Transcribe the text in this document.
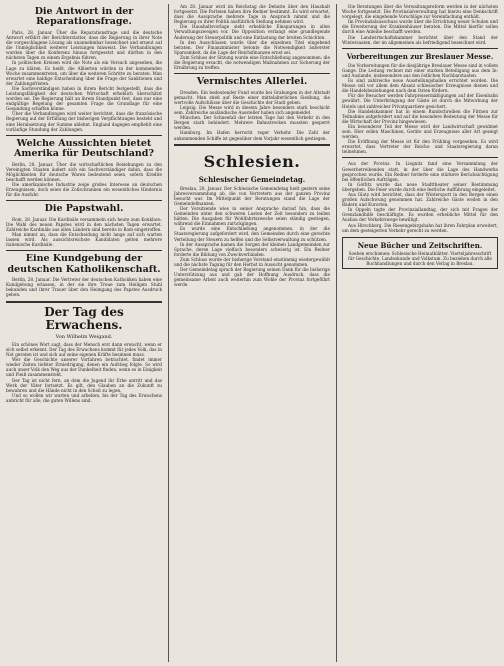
Die Antwort in der Reparationsfrage.

Paris, 28. Januar. Über die Reparationsfrage und die deutsche Antwort erfährt der Berichterstatter, dass die Regierung in ihrer Note die vorgeschlagene Lösung als unannehmbar bezeichnet und erneut auf die Unmöglichkeit weiterer Leistungen hinweist. Die Verhandlungen wurden über die Konferenz hinaus fortgesetzt und dürften in den nächsten Tagen zu einem Ergebnis führen.

In politischen Kreisen wird die Note als ein Versuch angesehen, die Lage zu klären. Es heißt, die Alliierten würden in der kommenden Woche zusammentreten, um über die weiteren Schritte zu beraten. Man erwartet eine baldige Entscheidung über die Frage der Sanktionen und der Zahlungsfristen.

Die Sachverständigen haben in ihrem Bericht festgestellt, dass die Leistungsfähigkeit der deutschen Wirtschaft erheblich überschätzt worden sei. Die Regierung hält an ihrem Standpunkt fest, dass nur eine endgültige Regelung der gesamten Frage die Grundlage für eine Gesundung schaffen könne.

Über die Verhandlungen wird weiter berichtet, dass die französische Regierung auf der Erfüllung der bisherigen Verpflichtungen besteht und eine Herabsetzung der Summe ablehnt. England dagegen empfiehlt eine vorläufige Stundung der Zahlungen.

Welche Aussichten bietet Amerika für Deutschland?

Berlin, 28. Januar. Über die wirtschaftlichen Beziehungen zu den Vereinigten Staaten äußert sich ein Sachverständiger dahin, dass die Möglichkeiten für deutsche Waren bedeutend seien, sofern Kredite beschafft werden können.

Die amerikanische Industrie zeige großes Interesse an deutschen Erzeugnissen, doch seien die Zollschranken ein wesentliches Hindernis für die Ausfuhr.

Die Papstwahl.

Rom, 28. Januar. Die Kardinäle versammeln sich heute zum Konklave. Die Wahl des neuen Papstes wird in den nächsten Tagen erwartet. Zahlreiche Kardinäle aus allen Ländern sind bereits in Rom eingetroffen.

Man nimmt an, dass die Entscheidung nicht lange auf sich warten lassen wird. Als aussichtsreichste Kandidaten gelten mehrere italienische Kardinäle.

Eine Kundgebung der deutschen Katholikenschaft.

Berlin, 28. Januar. Die Vertreter der deutschen Katholiken haben eine Kundgebung erlassen, in der sie ihre Treue zum Heiligen Stuhl bekunden und ihrer Trauer über den Heimgang des Papstes Ausdruck geben.

Der Tag des Erwachens.
Von Wilhelm Weigand.

Ein schönes Wort sagt, dass der Mensch erst dann erwacht, wenn er sich selbst erkennt. Der Tag des Erwachens kommt für jedes Volk, das in Not geraten ist und sich auf seine eigenen Kräfte besinnen muss.

Wer die Geschichte unserer Vorfahren betrachtet, findet immer wieder Zeiten tiefster Erniedrigung, denen ein Aufstieg folgte. So wird auch unser Volk den Weg aus der Dunkelheit finden, wenn es in Einigkeit und Fleiß zusammensteht.

Der Tag ist nicht fern, an dem die Jugend ihr Erbe antritt und das Werk der Väter fortsetzt. Es gilt, den Glauben an die Zukunft zu bewahren und die Hände nicht in den Schoß zu legen.

Und so wollen wir warten und arbeiten, bis der Tag des Erwachens anbricht für alle, die guten Willens sind.

Am 28. Januar wird im Reichstag die Debatte über den Haushalt fortgesetzt. Die Parteien haben ihre Redner bestimmt. Es wird erwartet, dass die Aussprache mehrere Tage in Anspruch nimmt und die Regierung zu ihrer Politik ausführlich Stellung nehmen wird.

Die Haushaltsvorlage sieht erhebliche Einsparungen in allen Verwaltungszweigen vor. Die Opposition verlangt eine grundlegende Änderung der Steuerpolitik und eine Entlastung der breiten Schichten.

In den Ausschüssen wurde über die einzelnen Titel eingehend beraten. Der Finanzminister betonte die Notwendigkeit äußerster Sparsamkeit, da die Lage der Reichsfinanzen ernst sei.

Zum Schluss der Sitzung wurde eine Entschließung angenommen, die die Regierung ersucht, die notwendigen Maßnahmen zur Sicherung der Ernährung zu treffen.

Vermischtes Allerlei.

Dresden. Ein bedeutender Fund wurde bei Grabungen in der Altstadt gemacht. Man stieß auf Reste einer mittelalterlichen Siedlung, die wertvolle Aufschlüsse über die Geschichte der Stadt geben.

Leipzig. Die Messe wird in diesem Jahre besonders stark beschickt sein. Zahlreiche ausländische Aussteller haben sich angemeldet.

München. Der Schneefall der letzten Tage hat den Verkehr in den Bergen stark behindert. Mehrere Bahnstrecken mussten gesperrt werden.

Hamburg. Im Hafen herrscht reger Verkehr. Die Zahl der ankommenden Schiffe ist gegenüber dem Vorjahr wesentlich gestiegen.

Schlesien.
Schlesischer Gemeindetag.

Breslau, 28. Januar. Der Schlesische Gemeindetag hielt gestern seine Jahresversammlung ab, die von Vertretern aus der ganzen Provinz besucht war. Im Mittelpunkt der Beratungen stand die Lage der Gemeindefinanzen.

Der Vorsitzende wies in seiner Ansprache darauf hin, dass die Gemeinden unter den schweren Lasten der Zeit besonders zu leiden hätten. Die Ausgaben für Wohlfahrtszwecke seien ständig gestiegen, während die Einnahmen zurückgingen.

Es wurde eine Entschließung angenommen, in der die Staatsregierung aufgefordert wird, den Gemeinden durch eine gerechte Verteilung der Steuern zu helfen und die Selbstverwaltung zu schützen.

In der Aussprache kamen die Sorgen der kleinen Landgemeinden zur Sprache, deren Lage vielfach besonders schwierig ist. Ein Redner forderte die Bildung von Zweckverbänden.

Zum Schluss wurde der bisherige Vorstand einstimmig wiedergewählt und die nächste Tagung für den Herbst in Aussicht genommen.

Der Gemeindetag sprach der Regierung seinen Dank für die bisherige Unterstützung aus und gab der Hoffnung Ausdruck, dass die gemeinsame Arbeit auch weiterhin zum Wohle der Provinz fortgeführt werde.

Die Beratungen über die Verwaltungsreform werden in der nächsten Woche fortgesetzt. Die Provinzialverwaltung hat hierzu eine Denkschrift vorgelegt, die eingehende Vorschläge zur Vereinfachung enthält.

Im Provinzialausschuss wurde über die Errichtung neuer Schulen und die Erweiterung der Krankenhäuser beraten. Die Mittel hierfür sollen durch eine Anleihe beschafft werden.

Die Landwirtschaftskammer berichtet über den Stand der Wintersaaten, der im allgemeinen als befriedigend bezeichnet wird.

Vorbereitungen zur Breslauer Messe.

Die Vorbereitungen für die diesjährige Breslauer Messe sind in vollem Gange. Die Leitung rechnet mit einer starken Beteiligung aus dem In- und Auslande, insbesondere aus den östlichen Nachbarstaaten.

Es sind zahlreiche neue Ausstellungshallen errichtet worden. Die Messe soll vor allem dem Absatz schlesischer Erzeugnisse dienen und die Handelsbeziehungen nach dem Osten fördern.

Für die Besucher werden Fahrpreisermäßigungen auf der Eisenbahn gewährt. Die Unterbringung der Gäste ist durch die Mitwirkung der Hotels und zahlreicher Privatquartiere gesichert.

Die Handelskammer hat in einem Rundschreiben die Firmen zur Teilnahme aufgefordert und auf die besondere Bedeutung der Messe für die Wirtschaft der Provinz hingewiesen.

Ein besonderer Teil der Messe wird der Landwirtschaft gewidmet sein. Hier sollen Maschinen, Geräte und Erzeugnisse aller Art gezeigt werden.

Die Eröffnung der Messe ist für den Frühling vorgesehen. Es wird erwartet, dass Vertreter der Reichs- und Staatsregierung daran teilnehmen.

Aus der Provinz. In Liegnitz fand eine Versammlung der Gewerbetreibenden statt, in der über die Lage des Handwerks gesprochen wurde. Ein Redner forderte eine stärkere Berücksichtigung bei öffentlichen Aufträgen.

In Görlitz wurde das neue Stadttheater seiner Bestimmung übergeben. Die Feier wurde durch eine festliche Aufführung eingeleitet.

Aus Glatz wird berichtet, dass der Wintersport in den Bergen einen großen Aufschwung genommen hat. Zahlreiche Gäste weilen in den Bädern und Kurorten.

In Oppeln tagte der Provinziallandtag, der sich mit Fragen der Grenzlandhilfe beschäftigte. Es wurden erhebliche Mittel für den Ausbau der Verkehrswege bewilligt.

Aus Hirschberg. Die Riesengebirgsbahn hat ihren Fahrplan erweitert, um dem gesteigerten Verkehr gerecht zu werden.

Neue Bücher und Zeitschriften.
Soeben erschienen: Schlesische Heimatblätter. Vierteljahresschrift für Geschichte, Landeskunde und Volkstum. Zu beziehen durch alle Buchhandlungen und durch den Verlag in Breslau.
